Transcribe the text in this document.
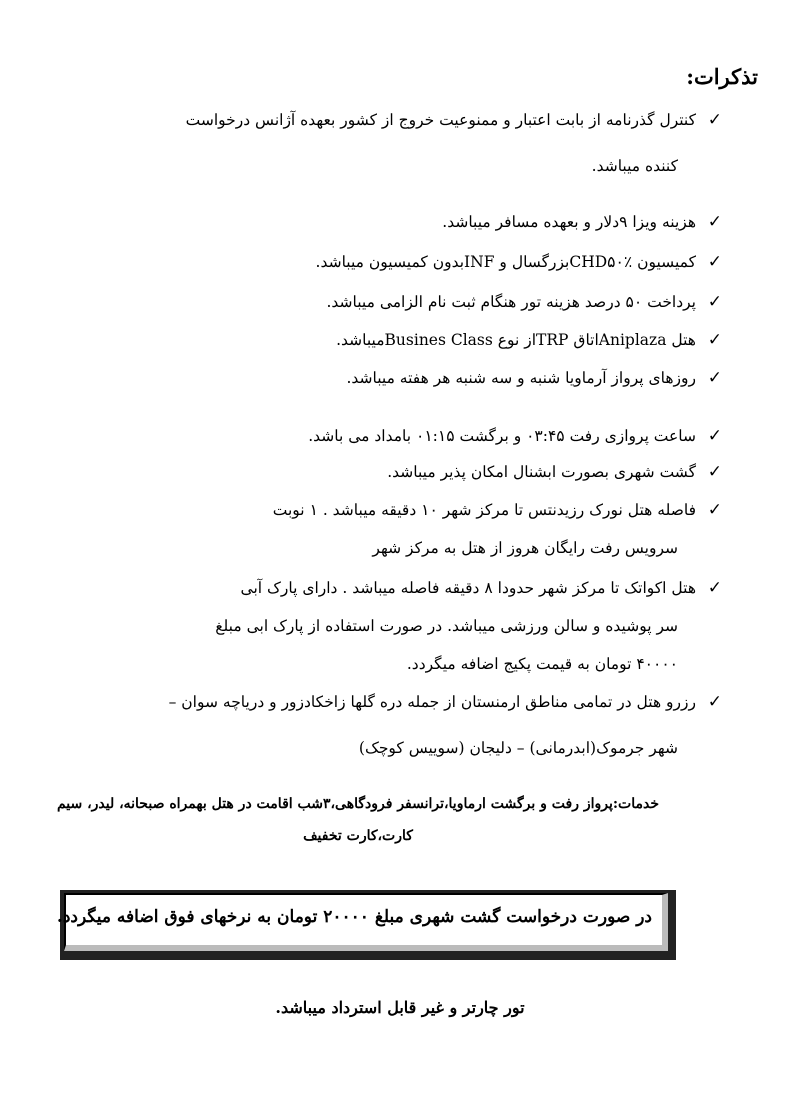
تذکرات:
✓
کنترل گذرنامه از بابت اعتبار و ممنوعیت خروج از کشور بعهده آژانس درخواست
کننده میباشد.
✓
هزینه ویزا ۹دلار و بعهده مسافر میباشد.
✓
کمیسیون CHD۵۰٪بزرگسال و INFبدون کمیسیون میباشد.
✓
پرداخت ۵۰ درصد هزینه تور هنگام ثبت نام الزامی میباشد.
✓
هتل Aniplazaاتاق TRPاز نوع Busines Classمیباشد.
✓
روزهای پرواز آرماویا شنبه و سه شنبه هر هفته میباشد.
✓
ساعت پروازی رفت ۰۳:۴۵ و برگشت ۰۱:۱۵ بامداد می باشد.
✓
گشت شهری بصورت ابشنال امکان پذیر میباشد.
✓
فاصله هتل نورک رزیدنتس تا مرکز شهر ۱۰ دقیقه میباشد . ۱ نوبت
سرویس رفت رایگان هروز از هتل به مرکز شهر
✓
هتل اکواتک تا مرکز شهر حدودا ۸ دقیقه فاصله میباشد . دارای پارک آبی
سر پوشیده و سالن ورزشی میباشد. در صورت استفاده از پارک ابی مبلغ
۴۰۰۰۰ تومان به قیمت پکیج اضافه میگردد.
✓
رزرو هتل در تمامی مناطق ارمنستان از جمله دره گلها زاخکادزور و دریاچه سوان –
شهر جرموک(ابدرمانی) – دلیجان (سوییس کوچک)
خدمات:پرواز رفت و برگشت ارماویا،ترانسفر فرودگاهی،۳شب اقامت در هتل بهمراه صبحانه، لیدر، سیم
کارت،کارت تخفیف
در صورت درخواست گشت شهری مبلغ ۲۰۰۰۰ تومان به نرخهای فوق اضافه میگردد.
تور چارتر و غیر قابل استرداد میباشد.
